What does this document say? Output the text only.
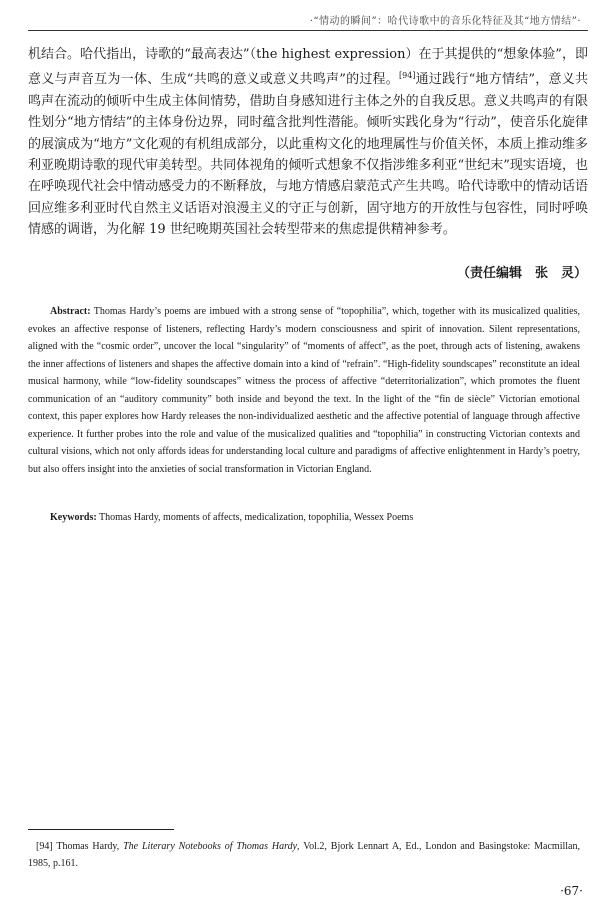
·“情动的瞬间”：哈代诗歌中的音乐化特征及其“地方情结”·

机结合。哈代指出，诗歌的“最高表达”（the highest expression）在于其提供的“想象体验”，即意义与声音互为一体、生成“共鸣的意义或意义共鸣声”的过程。[94]通过践行“地方情结”，意义共鸣声在流动的倾听中生成主体间情势，借助自身感知进行主体之外的自我反思。意义共鸣声的有限性划分“地方情结”的主体身份边界，同时蕴含批判性潜能。倾听实践化身为“行动”，使音乐化旋律的展演成为“地方”文化观的有机组成部分，以此重构文化的地理属性与价值关怀，本质上推动维多利亚晚期诗歌的现代审美转型。共同体视角的倾听式想象不仅指涉维多利亚“世纪末”现实语境，也在呼唤现代社会中情动感受力的不断释放，与地方情感启蒙范式产生共鸣。哈代诗歌中的情动话语回应维多利亚时代自然主义话语对浪漫主义的守正与创新，固守地方的开放性与包容性，同时呼唤情感的调谐，为化解 19 世纪晚期英国社会转型带来的焦虑提供精神参考。

（责任编辑　张　灵）

Abstract: Thomas Hardy’s poems are imbued with a strong sense of “topophilia”, which, together with its musicalized qualities, evokes an affective response of listeners, reflecting Hardy’s modern consciousness and spirit of innovation. Silent representations, aligned with the “cosmic order”, uncover the local “singularity” of “moments of affect”, as the poet, through acts of listening, awakens the inner affections of listeners and shapes the affective domain into a kind of “refrain”. “High-fidelity soundscapes” reconstitute an ideal musical harmony, while “low-fidelity soundscapes” witness the process of affective “deterritorialization”, which promotes the fluent communication of an “auditory community” both inside and beyond the text. In the light of the “fin de siècle” Victorian emotional context, this paper explores how Hardy releases the non-individualized aesthetic and the affective potential of language through affective experience. It further probes into the role and value of the musicalized qualities and “topophilia” in constructing Victorian contexts and cultural visions, which not only affords ideas for understanding local culture and paradigms of affective enlightenment in Hardy’s poetry, but also offers insight into the anxieties of social transformation in Victorian England.

Keywords: Thomas Hardy, moments of affects, medicalization, topophilia, Wessex Poems

[94] Thomas Hardy, The Literary Notebooks of Thomas Hardy, Vol.2, Bjork Lennart A, Ed., London and Basingstoke: Macmillan, 1985, p.161.

·67·
